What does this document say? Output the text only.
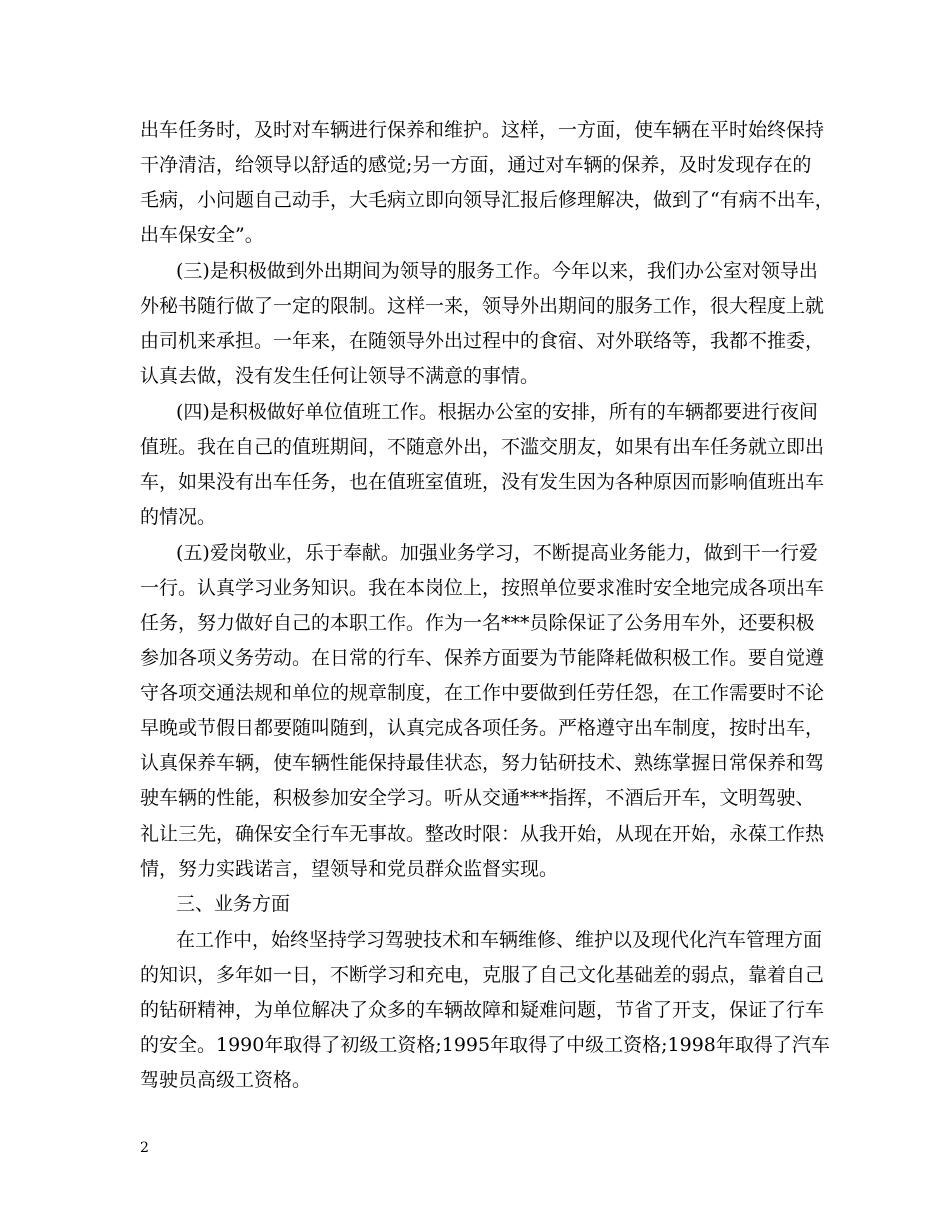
出车任务时，及时对车辆进行保养和维护。这样，一方面，使车辆在平时始终保持
干净清洁，给领导以舒适的感觉;另一方面，通过对车辆的保养，及时发现存在的
毛病，小问题自己动手，大毛病立即向领导汇报后修理解决，做到了“有病不出车，
出车保安全”。
(三)是积极做到外出期间为领导的服务工作。今年以来，我们办公室对领导出
外秘书随行做了一定的限制。这样一来，领导外出期间的服务工作，很大程度上就
由司机来承担。一年来，在随领导外出过程中的食宿、对外联络等，我都不推委，
认真去做，没有发生任何让领导不满意的事情。
(四)是积极做好单位值班工作。根据办公室的安排，所有的车辆都要进行夜间
值班。我在自己的值班期间，不随意外出，不滥交朋友，如果有出车任务就立即出
车，如果没有出车任务，也在值班室值班，没有发生因为各种原因而影响值班出车
的情况。
(五)爱岗敬业，乐于奉献。加强业务学习，不断提高业务能力，做到干一行爱
一行。认真学习业务知识。我在本岗位上，按照单位要求准时安全地完成各项出车
任务，努力做好自己的本职工作。作为一名***员除保证了公务用车外，还要积极
参加各项义务劳动。在日常的行车、保养方面要为节能降耗做积极工作。要自觉遵
守各项交通法规和单位的规章制度，在工作中要做到任劳任怨，在工作需要时不论
早晚或节假日都要随叫随到，认真完成各项任务。严格遵守出车制度，按时出车，
认真保养车辆，使车辆性能保持最佳状态，努力钻研技术、熟练掌握日常保养和驾
驶车辆的性能，积极参加安全学习。听从交通***指挥，不酒后开车，文明驾驶、
礼让三先，确保安全行车无事故。整改时限：从我开始，从现在开始，永葆工作热
情，努力实践诺言，望领导和党员群众监督实现。
三、业务方面
在工作中，始终坚持学习驾驶技术和车辆维修、维护以及现代化汽车管理方面
的知识，多年如一日，不断学习和充电，克服了自己文化基础差的弱点，靠着自己
的钻研精神，为单位解决了众多的车辆故障和疑难问题，节省了开支，保证了行车
的安全。1990年取得了初级工资格;1995年取得了中级工资格;1998年取得了汽车
驾驶员高级工资格。
2
